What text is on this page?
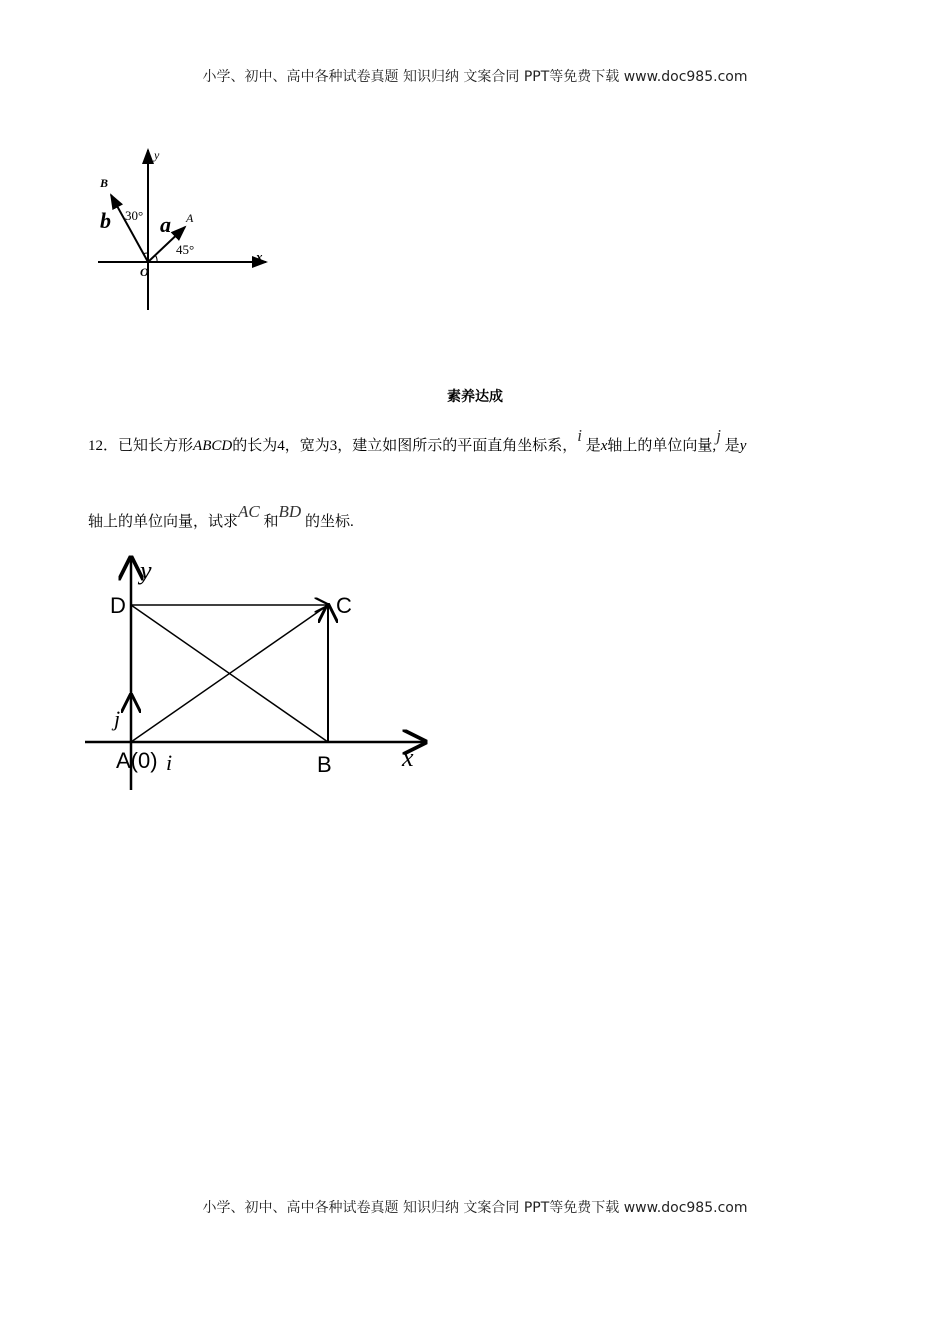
小学、初中、高中各种试卷真题 知识归纳 文案合同 PPT等免费下载 www.doc985.com
y
x
B
A
O
b a
30°
45°
素养达成
12．已知长方形ABCD的长为4，宽为3，建立如图所示的平面直角坐标系，i 是x轴上的单位向量,j 是y
轴上的单位向量，试求AC 和BD 的坐标.
y
x
D	C
A(0)	B
i
j
小学、初中、高中各种试卷真题 知识归纳 文案合同 PPT等免费下载 www.doc985.com
